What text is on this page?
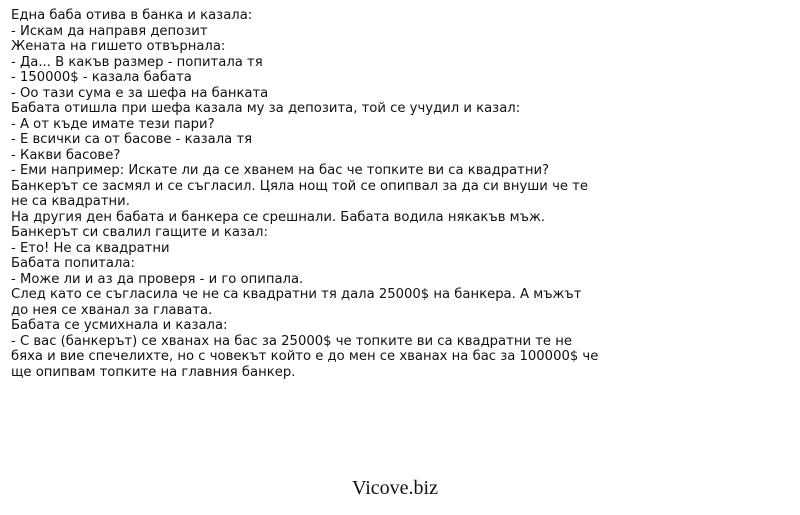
Една баба отива в банка и казала:
- Искам да направя депозит
Жената на гишето отвърнала:
- Да... В какъв размер - попитала тя
- 150000$ - казала бабата
- Оо тази сума е за шефа на банката
Бабата отишла при шефа казала му за депозита, той се учудил и казал:
- А от къде имате тези пари?
- Е всички са от басове - казала тя
- Какви басове?
- Еми например: Искате ли да се хванем на бас че топките ви са квадратни?
Банкерът се засмял и се съгласил. Цяла нощ той се опипвал за да си внуши че те не са квадратни.
На другия ден бабата и банкера се срешнали. Бабата водила някакъв мъж.
Банкерът си свалил гащите и казал:
- Ето! Не са квадратни
Бабата попитала:
- Може ли и аз да проверя - и го опипала.
След като се съгласила че не са квадратни тя дала 25000$ на банкера. А мъжът до нея се хванал за главата.
Бабата се усмихнала и казала:
- С вас (банкерът) се хванах на бас за 25000$ че топките ви са квадратни те не бяха и вие спечелихте, но с човекът който е до мен се хванах на бас за 100000$ че ще опипвам топките на главния банкер.
Vicove.biz
